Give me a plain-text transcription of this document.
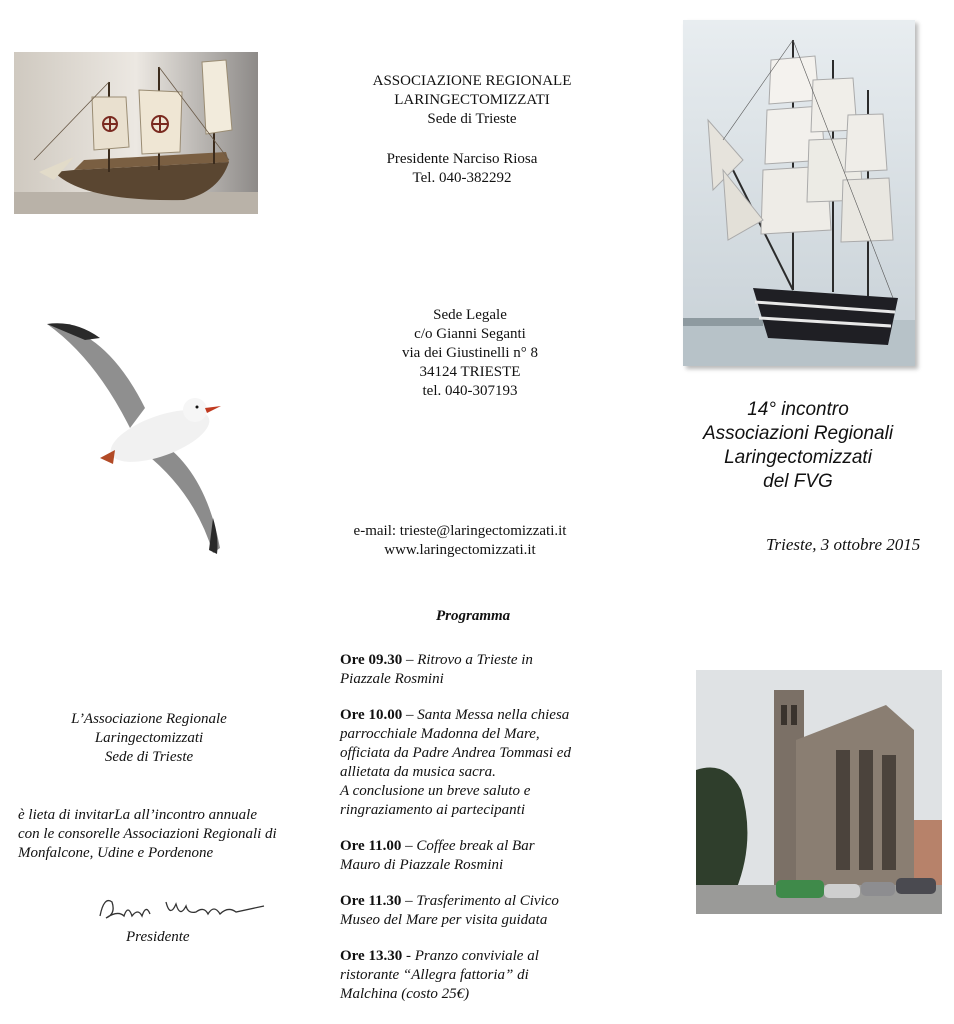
ASSOCIAZIONE REGIONALE
LARINGECTOMIZZATI
Sede di Trieste
Presidente Narciso Riosa
Tel. 040-382292
Sede Legale
c/o Gianni Seganti
via dei Giustinelli n° 8
34124 TRIESTE
tel. 040-307193
e-mail: trieste@laringectomizzati.it
www.laringectomizzati.it
Programma
Ore 09.30 – Ritrovo a Trieste in
Piazzale Rosmini
Ore 10.00 – Santa Messa nella chiesa
parrocchiale Madonna del Mare,
officiata da Padre Andrea Tommasi ed
allietata da musica sacra.
A conclusione un breve saluto e
ringraziamento ai partecipanti
Ore 11.00 – Coffee break al Bar
Mauro di Piazzale Rosmini
Ore 11.30 – Trasferimento al Civico
Museo del Mare per visita guidata
Ore 13.30 - Pranzo conviviale al
ristorante “Allegra fattoria” di
Malchina (costo 25€)
L’Associazione Regionale
Laringectomizzati
Sede di Trieste
è lieta di invitarLa all’incontro annuale
con le consorelle Associazioni Regionali di
Monfalcone, Udine e Pordenone
Presidente
14° incontro
Associazioni Regionali
Laringectomizzati
del FVG
Trieste, 3 ottobre 2015
